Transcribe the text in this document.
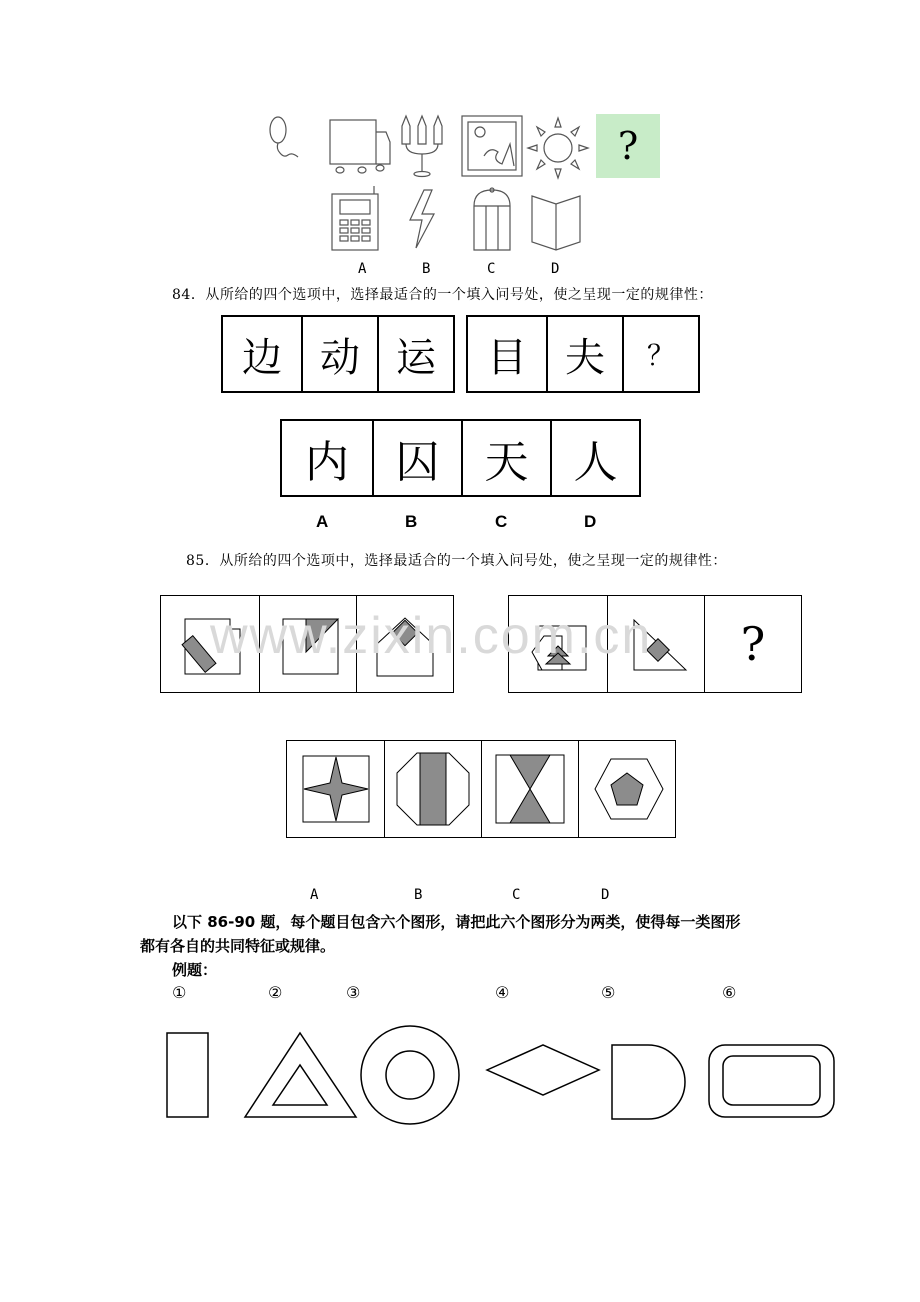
?
A	B	C	D
84．从所给的四个选项中，选择最适合的一个填入问号处，使之呈现一定的规律性：
边 动 运	目 夫	？
内	囚	天	人
A	B	C	D
85．从所给的四个选项中，选择最适合的一个填入问号处，使之呈现一定的规律性：
?
www.zixin.com.cn
A	B	C	D
以下 86-90 题，每个题目包含六个图形，请把此六个图形分为两类，使得每一类图形
都有各自的共同特征或规律。
例题：
①	②	③	④	⑤	⑥
